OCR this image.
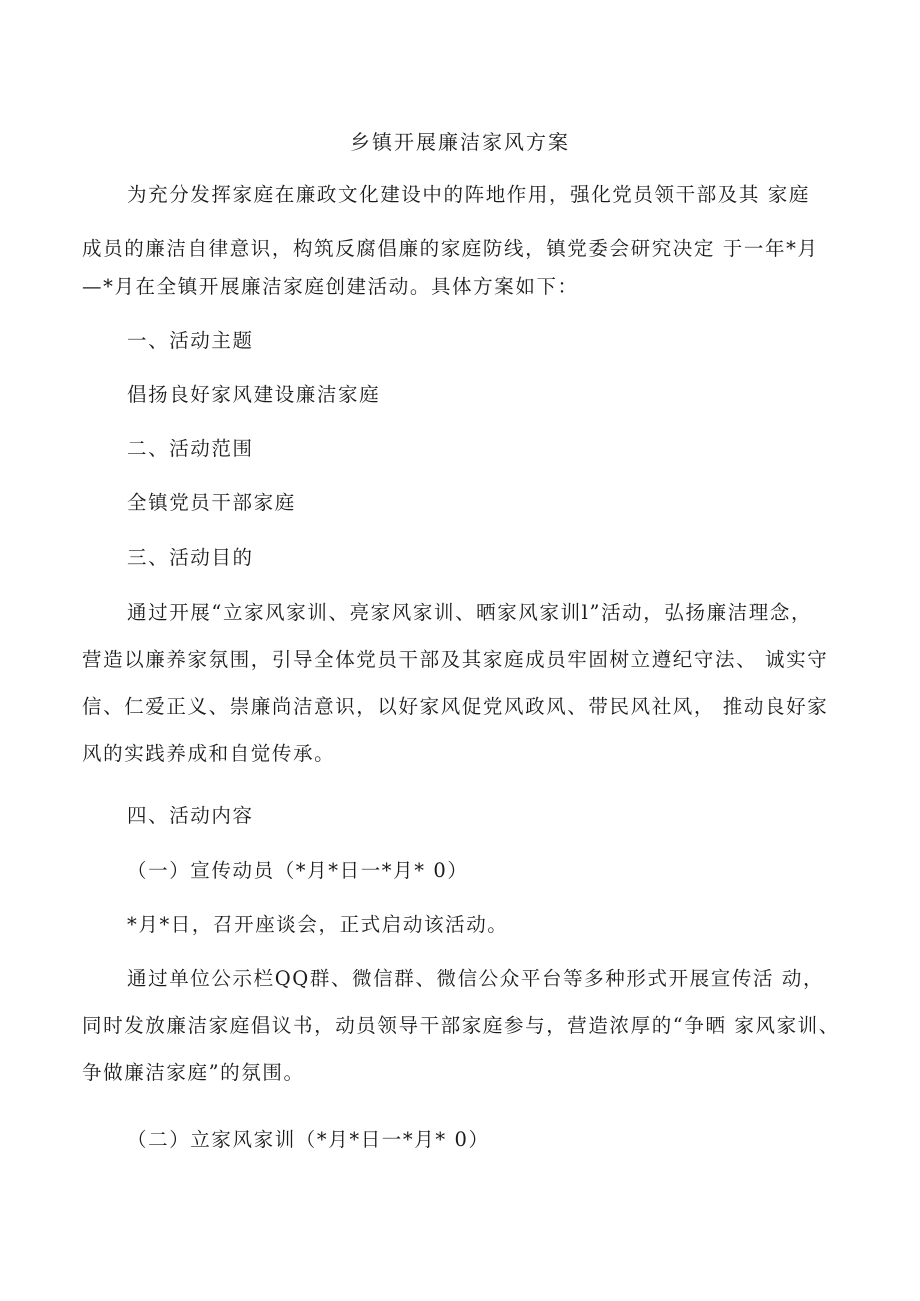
乡镇开展廉洁家风方案
为充分发挥家庭在廉政文化建设中的阵地作用，强化党员领干部及其 家庭
成员的廉洁自律意识，构筑反腐倡廉的家庭防线，镇党委会研究决定 于一年*月
—*月在全镇开展廉洁家庭创建活动。具体方案如下：
一、活动主题
倡扬良好家风建设廉洁家庭
二、活动范围
全镇党员干部家庭
三、活动目的
通过开展“立家风家训、亮家风家训、晒家风家训l”活动，弘扬廉洁理念，
营造以廉养家氛围，引导全体党员干部及其家庭成员牢固树立遵纪守法、 诚实守
信、仁爱正义、崇廉尚洁意识，以好家风促党风政风、带民风社风， 推动良好家
风的实践养成和自觉传承。
四、活动内容
（一）宣传动员（*月*日一*月* 0）
*月*日，召开座谈会，正式启动该活动。
通过单位公示栏QQ群、微信群、微信公众平台等多种形式开展宣传活 动，
同时发放廉洁家庭倡议书，动员领导干部家庭参与，营造浓厚的“争晒 家风家训、
争做廉洁家庭”的氛围。
（二）立家风家训（*月*日一*月* 0）
